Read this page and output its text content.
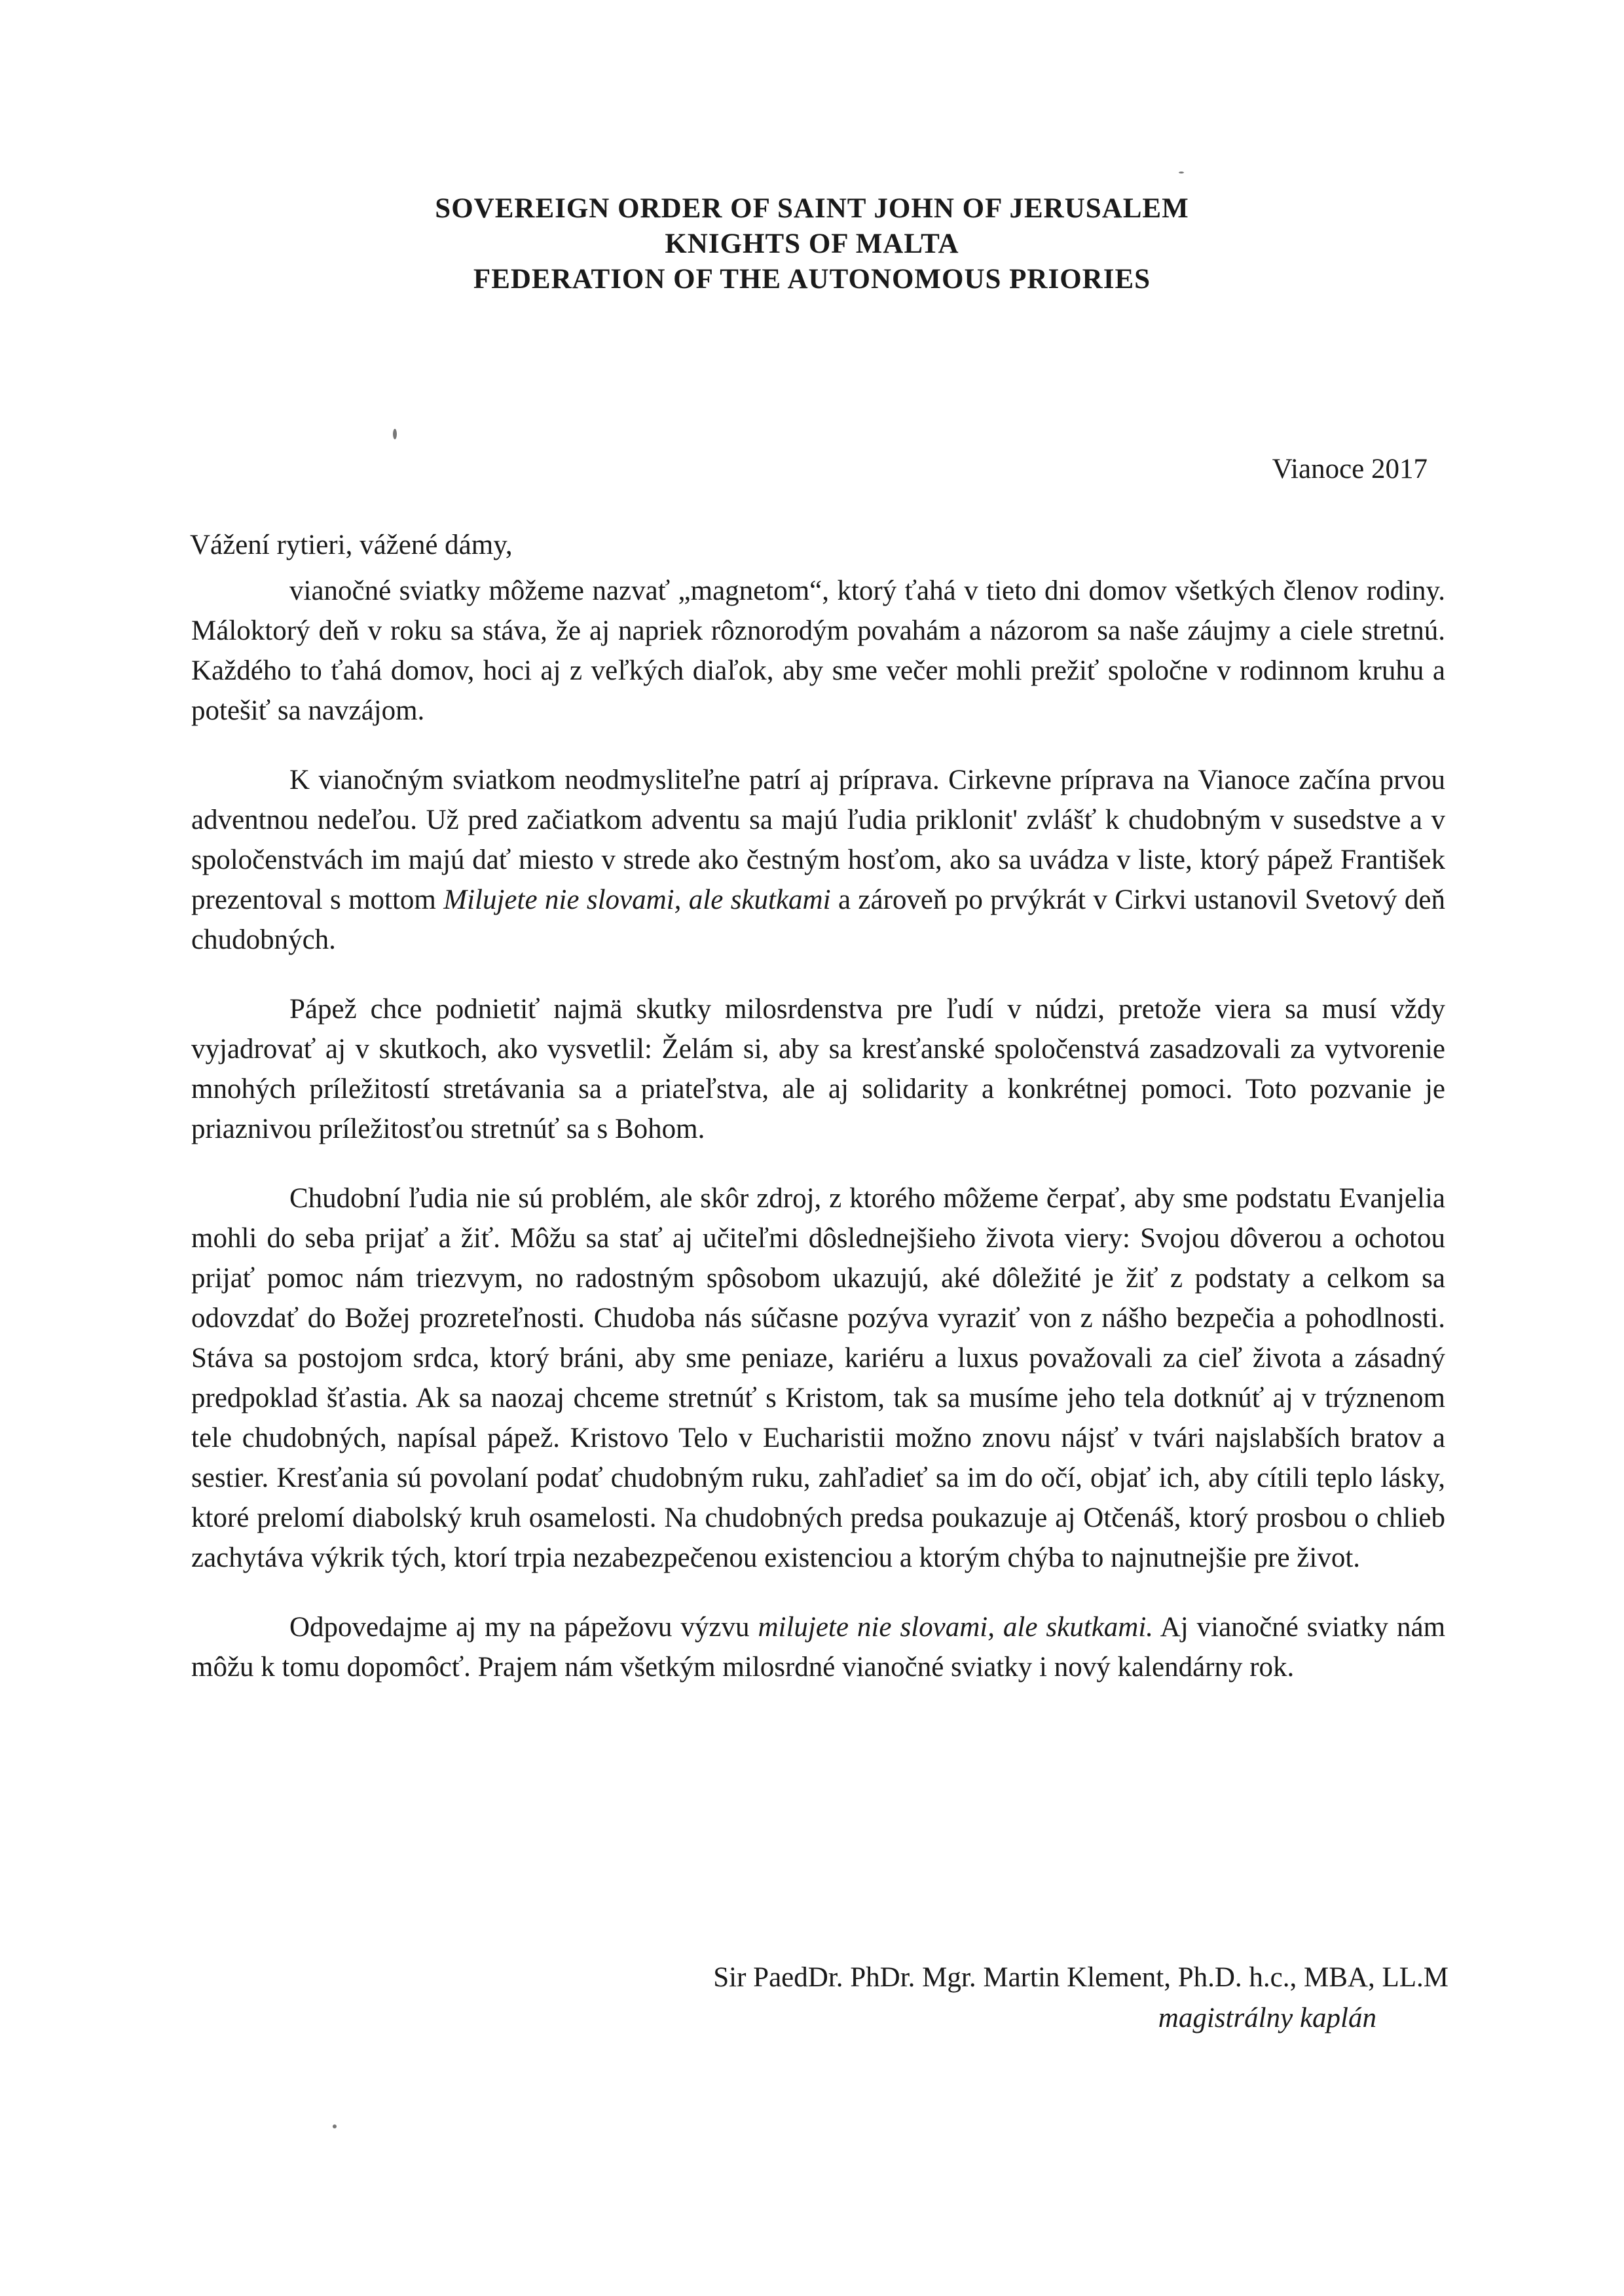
SOVEREIGN ORDER OF SAINT JOHN OF JERUSALEM
KNIGHTS OF MALTA
FEDERATION OF THE AUTONOMOUS PRIORIES
Vianoce 2017
Vážení rytieri, vážené dámy,

vianočné sviatky môžeme nazvať „magnetom“, ktorý ťahá v tieto dni domov všetkých členov rodiny. Máloktorý deň v roku sa stáva, že aj napriek rôznorodým povahám a názorom sa naše záujmy a ciele stretnú. Každého to ťahá domov, hoci aj z veľkých diaľok, aby sme večer mohli prežiť spoločne v rodinnom kruhu a potešiť sa navzájom.

K vianočným sviatkom neodmysliteľne patrí aj príprava. Cirkevne príprava na Vianoce začína prvou adventnou nedeľou. Už pred začiatkom adventu sa majú ľudia priklonit' zvlášť k chudobným v susedstve a v spoločenstvách im majú dať miesto v strede ako čestným hosťom, ako sa uvádza v liste, ktorý pápež František prezentoval s mottom Milujete nie slovami, ale skutkami a zároveň po prvýkrát v Cirkvi ustanovil Svetový deň chudobných.

Pápež chce podnietiť najmä skutky milosrdenstva pre ľudí v núdzi, pretože viera sa musí vždy vyjadrovať aj v skutkoch, ako vysvetlil: Želám si, aby sa kresťanské spoločenstvá zasadzovali za vytvorenie mnohých príležitostí stretávania sa a priateľstva, ale aj solidarity a konkrétnej pomoci. Toto pozvanie je priaznivou príležitosťou stretnúť sa s Bohom.

Chudobní ľudia nie sú problém, ale skôr zdroj, z ktorého môžeme čerpať, aby sme podstatu Evanjelia mohli do seba prijať a žiť. Môžu sa stať aj učiteľmi dôslednejšieho života viery: Svojou dôverou a ochotou prijať pomoc nám triezvym, no radostným spôsobom ukazujú, aké dôležité je žiť z podstaty a celkom sa odovzdať do Božej prozreteľnosti. Chudoba nás súčasne pozýva vyraziť von z nášho bezpečia a pohodlnosti. Stáva sa postojom srdca, ktorý bráni, aby sme peniaze, kariéru a luxus považovali za cieľ života a zásadný predpoklad šťastia. Ak sa naozaj chceme stretnúť s Kristom, tak sa musíme jeho tela dotknúť aj v trýznenom tele chudobných, napísal pápež. Kristovo Telo v Eucharistii možno znovu nájsť v tvári najslabších bratov a sestier. Kresťania sú povolaní podať chudobným ruku, zahľadieť sa im do očí, objať ich, aby cítili teplo lásky, ktoré prelomí diabolský kruh osamelosti. Na chudobných predsa poukazuje aj Otčenáš, ktorý prosbou o chlieb zachytáva výkrik tých, ktorí trpia nezabezpečenou existenciou a ktorým chýba to najnutnejšie pre život.

Odpovedajme aj my na pápežovu výzvu milujete nie slovami, ale skutkami. Aj vianočné sviatky nám môžu k tomu dopomôcť. Prajem nám všetkým milosrdné vianočné sviatky i nový kalendárny rok.

Sir PaedDr. PhDr. Mgr. Martin Klement, Ph.D. h.c., MBA, LL.M
magistrálny kaplán
